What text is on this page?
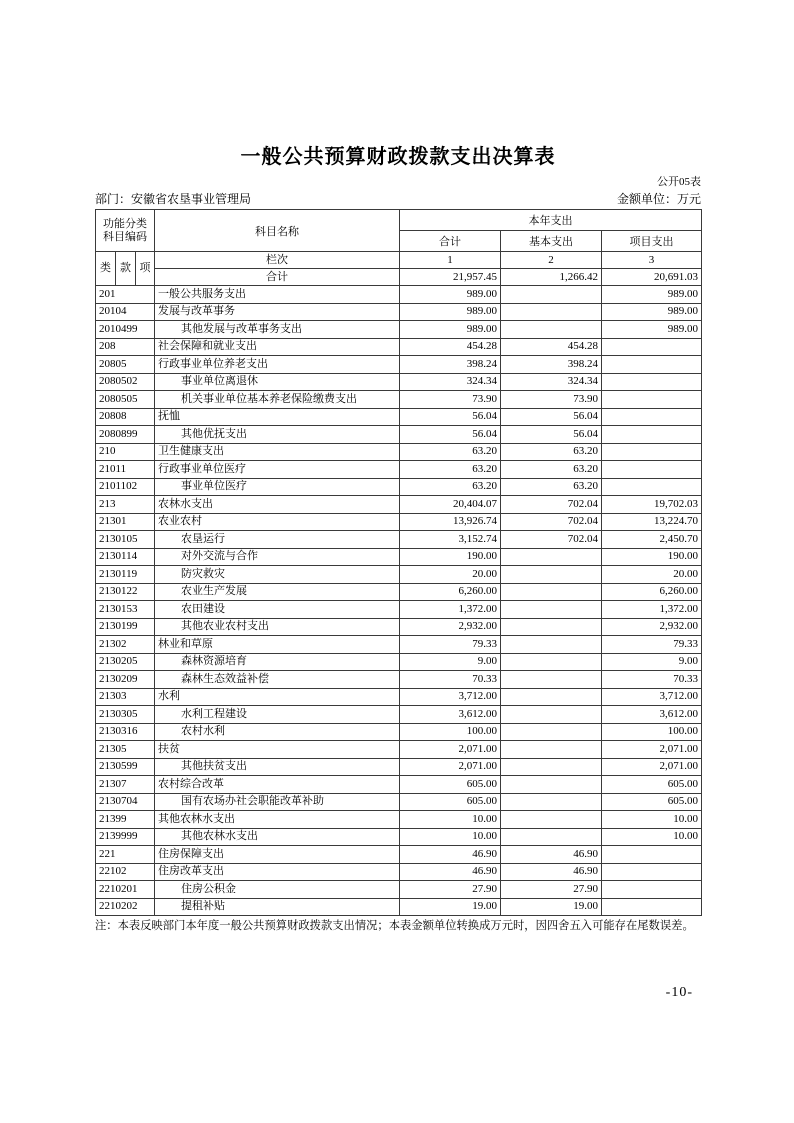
一般公共预算财政拨款支出决算表
公开05表
部门：安徽省农垦事业管理局	金额单位：万元
功能分类
科目编码			科目名称	本年支出		
				合计	基本支出	项目支出
类	款	项	栏次	1	2	3
			合计	21,957.45	1,266.42	20,691.03
201			一般公共服务支出	989.00		989.00
20104			发展与改革事务	989.00		989.00
2010499			其他发展与改革事务支出	989.00		989.00
208			社会保障和就业支出	454.28	454.28	
20805			行政事业单位养老支出	398.24	398.24	
2080502			事业单位离退休	324.34	324.34	
2080505			机关事业单位基本养老保险缴费支出	73.90	73.90	
20808			抚恤	56.04	56.04	
2080899			其他优抚支出	56.04	56.04	
210			卫生健康支出	63.20	63.20	
21011			行政事业单位医疗	63.20	63.20	
2101102			事业单位医疗	63.20	63.20	
213			农林水支出	20,404.07	702.04	19,702.03
21301			农业农村	13,926.74	702.04	13,224.70
2130105			农垦运行	3,152.74	702.04	2,450.70
2130114			对外交流与合作	190.00		190.00
2130119			防灾救灾	20.00		20.00
2130122			农业生产发展	6,260.00		6,260.00
2130153			农田建设	1,372.00		1,372.00
2130199			其他农业农村支出	2,932.00		2,932.00
21302			林业和草原	79.33		79.33
2130205			森林资源培育	9.00		9.00
2130209			森林生态效益补偿	70.33		70.33
21303			水利	3,712.00		3,712.00
2130305			水利工程建设	3,612.00		3,612.00
2130316			农村水利	100.00		100.00
21305			扶贫	2,071.00		2,071.00
2130599			其他扶贫支出	2,071.00		2,071.00
21307			农村综合改革	605.00		605.00
2130704			国有农场办社会职能改革补助	605.00		605.00
21399			其他农林水支出	10.00		10.00
2139999			其他农林水支出	10.00		10.00
221			住房保障支出	46.90	46.90	
22102			住房改革支出	46.90	46.90	
2210201			住房公积金	27.90	27.90	
2210202			提租补贴	19.00	19.00	
注：本表反映部门本年度一般公共预算财政拨款支出情况；本表金额单位转换成万元时，因四舍五入可能存在尾数误差。
-10-
